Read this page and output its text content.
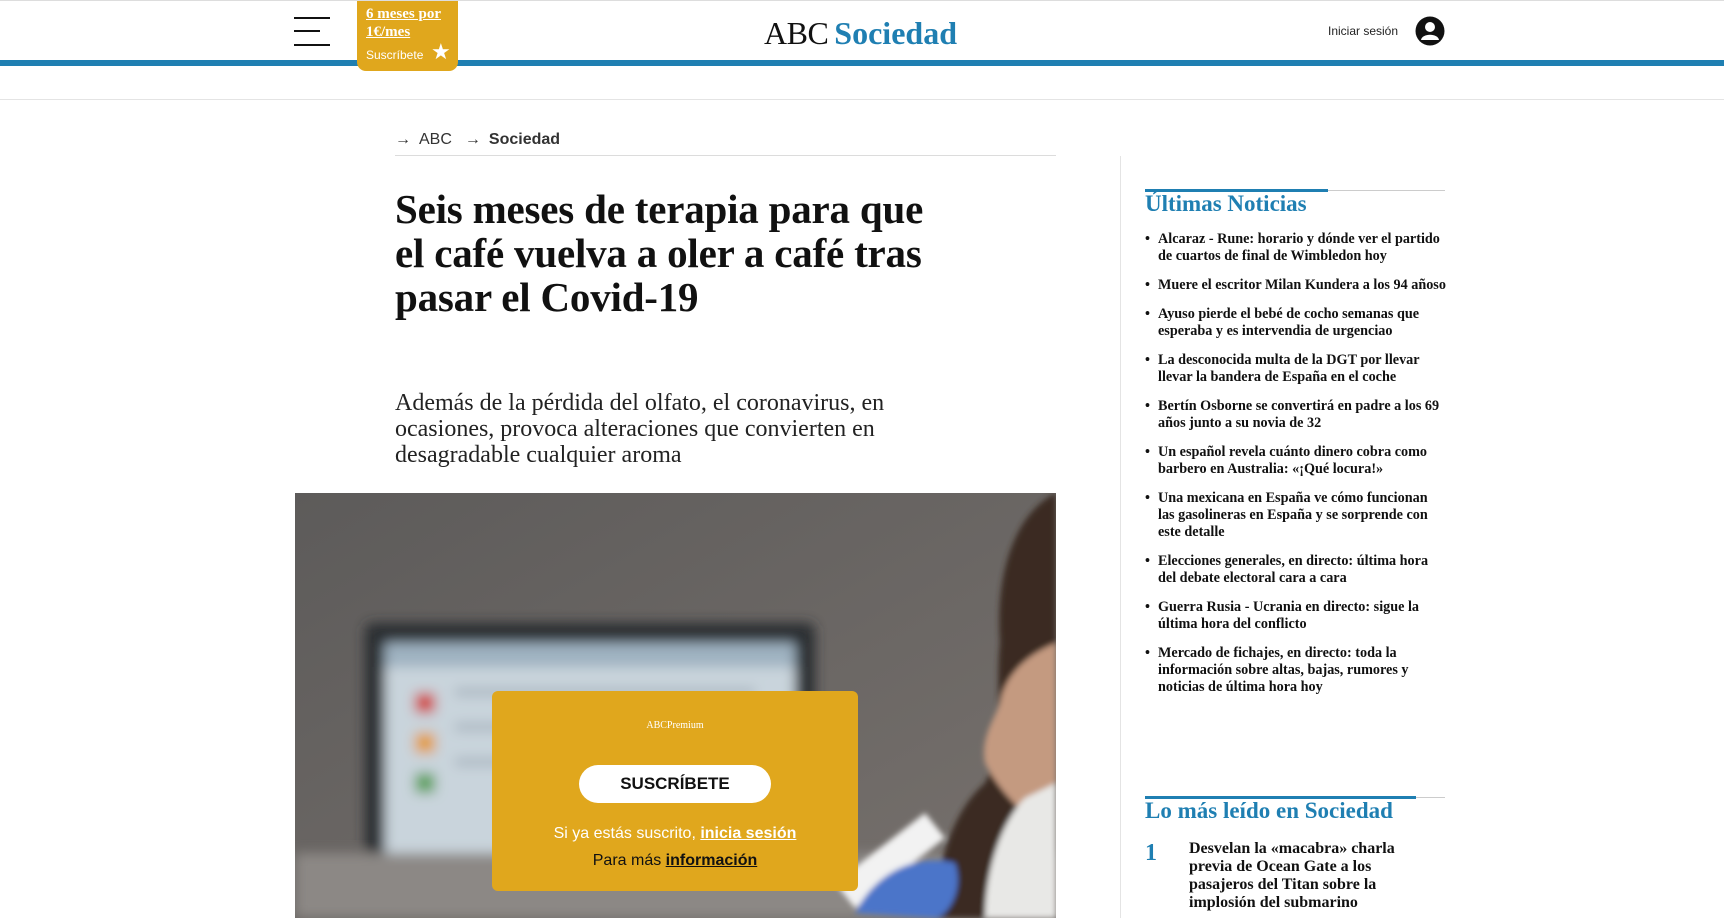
6 meses por 1€/mes
Suscríbete ★
ABC Sociedad	Iniciar sesión
→ ABC → Sociedad
Seis meses de terapia para que el café vuelva a oler a café tras pasar el Covid-19

Además de la pérdida del olfato, el coronavirus, en ocasiones, provoca alteraciones que convierten en desagradable cualquier aroma

ABCPremium
SUSCRÍBETE
Si ya estás suscrito, inicia sesión
Para más información
Últimas Noticias
• Alcaraz - Rune: horario y dónde ver el partido de cuartos de final de Wimbledon hoy
• Muere el escritor Milan Kundera a los 94 añoso
• Ayuso pierde el bebé de cocho semanas que esperaba y es intervendia de urgenciao
• La desconocida multa de la DGT por llevar llevar la bandera de España en el coche
• Bertín Osborne se convertirá en padre a los 69 años junto a su novia de 32
• Un español revela cuánto dinero cobra como barbero en Australia: «¡Qué locura!»
• Una mexicana en España ve cómo funcionan las gasolineras en España y se sorprende con este detalle
• Elecciones generales, en directo: última hora del debate electoral cara a cara
• Guerra Rusia - Ucrania en directo: sigue la última hora del conflicto
• Mercado de fichajes, en directo: toda la información sobre altas, bajas, rumores y noticias de última hora hoy
Lo más leído en Sociedad
1 Desvelan la «macabra» charla previa de Ocean Gate a los pasajeros del Titan sobre la implosión del submarino
